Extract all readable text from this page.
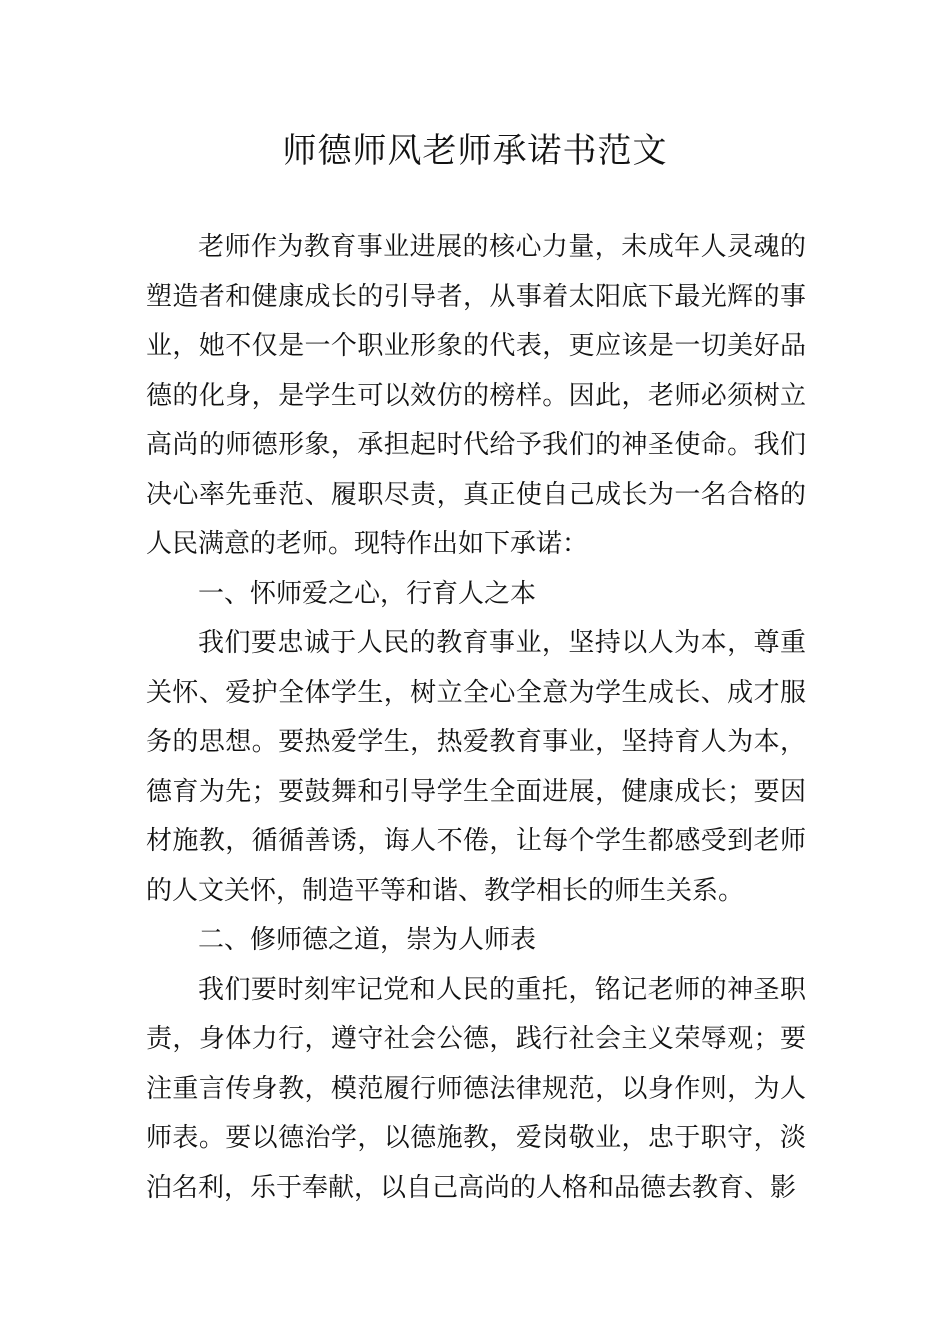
师德师风老师承诺书范文

老师作为教育事业进展的核心力量，未成年人灵魂的塑造者和健康成长的引导者，从事着太阳底下最光辉的事业，她不仅是一个职业形象的代表，更应该是一切美好品德的化身，是学生可以效仿的榜样。因此，老师必须树立高尚的师德形象，承担起时代给予我们的神圣使命。我们决心率先垂范、履职尽责，真正使自己成长为一名合格的人民满意的老师。现特作出如下承诺：

一、怀师爱之心，行育人之本

我们要忠诚于人民的教育事业，坚持以人为本，尊重关怀、爱护全体学生，树立全心全意为学生成长、成才服务的思想。要热爱学生，热爱教育事业，坚持育人为本，德育为先；要鼓舞和引导学生全面进展，健康成长；要因材施教，循循善诱，诲人不倦，让每个学生都感受到老师的人文关怀，制造平等和谐、教学相长的师生关系。

二、修师德之道，崇为人师表

我们要时刻牢记党和人民的重托，铭记老师的神圣职责，身体力行，遵守社会公德，践行社会主义荣辱观；要注重言传身教，模范履行师德法律规范，以身作则，为人师表。要以德治学，以德施教，爱岗敬业，忠于职守，淡泊名利，乐于奉献，以自己高尚的人格和品德去教育、影
